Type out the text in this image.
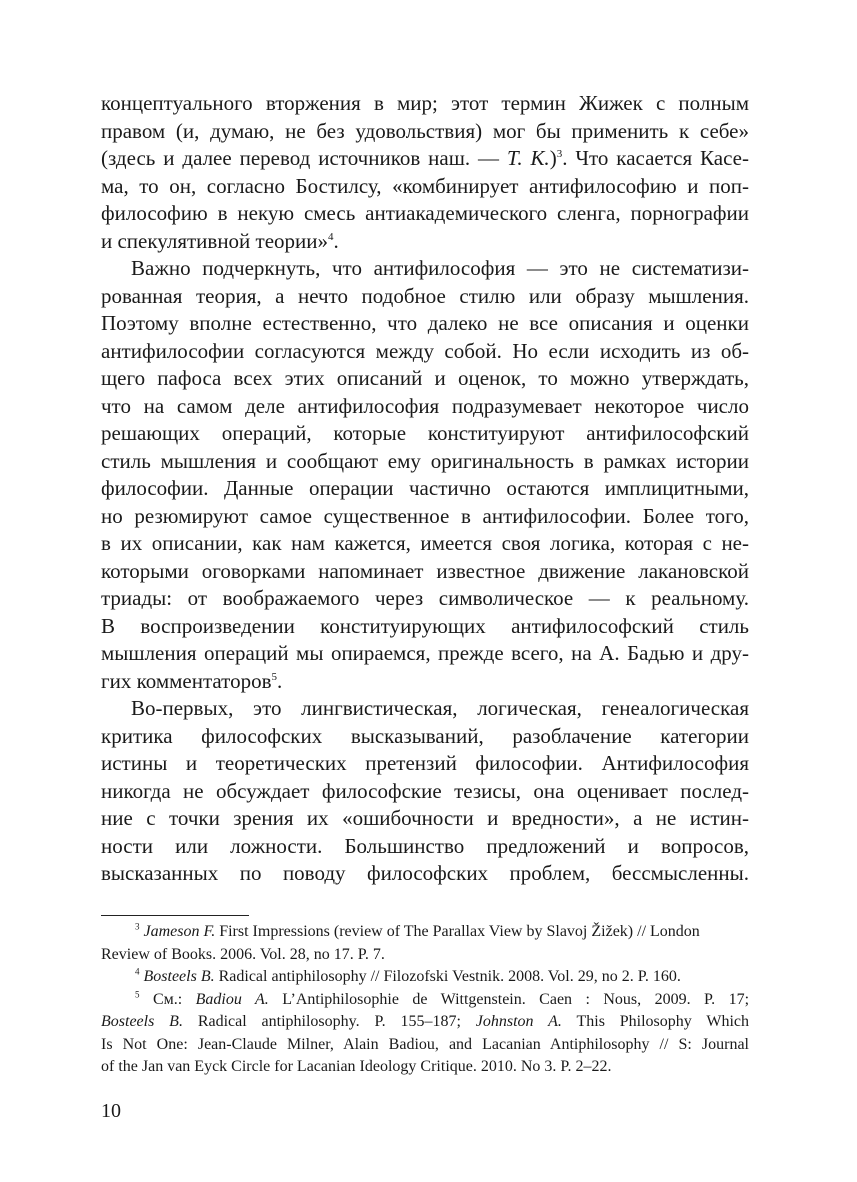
концептуального вторжения в мир; этот термин Жижек с полным
правом (и, думаю, не без удовольствия) мог бы применить к себе»
(здесь и далее перевод источников наш. — Т. К.)$^3$. Что касается Касе-
ма, то он, согласно Бостилсу, «комбинирует антифилософию и поп-
философию в некую смесь антиакадемического сленга, порнографии
и спекулятивной теории»$^4$.
Важно подчеркнуть, что антифилософия — это не систематизи-
рованная теория, а нечто подобное стилю или образу мышления.
Поэтому вполне естественно, что далеко не все описания и оценки
антифилософии согласуются между собой. Но если исходить из об-
щего пафоса всех этих описаний и оценок, то можно утверждать,
что на самом деле антифилософия подразумевает некоторое число
решающих операций, которые конституируют антифилософский
стиль мышления и сообщают ему оригинальность в рамках истории
философии. Данные операции частично остаются имплицитными,
но резюмируют самое существенное в антифилософии. Более того,
в их описании, как нам кажется, имеется своя логика, которая с не-
которыми оговорками напоминает известное движение лакановской
триады: от воображаемого через символическое — к реальному.
В воспроизведении конституирующих антифилософский стиль
мышления операций мы опираемся, прежде всего, на А. Бадью и дру-
гих комментаторов$^5$.
Во-первых, это лингвистическая, логическая, генеалогическая
критика философских высказываний, разоблачение категории
истины и теоретических претензий философии. Антифилософия
никогда не обсуждает философские тезисы, она оценивает послед-
ние с точки зрения их «ошибочности и вредности», а не истин-
ности или ложности. Большинство предложений и вопросов,
высказанных по поводу философских проблем, бессмысленны.
$^3$ Jameson F. First Impressions (review of The Parallax View by Slavoj Žižek) // London
Review of Books. 2006. Vol. 28, no 17. P. 7.
$^4$ Bosteels B. Radical antiphilosophy // Filozofski Vestnik. 2008. Vol. 29, no 2. P. 160.
$^5$ См.: Badiou A. L’Antiphilosophie de Wittgenstein. Caen : Nous, 2009. P. 17;
Bosteels B. Radical antiphilosophy. P. 155–187; Johnston A. This Philosophy Which
Is Not One: Jean-Claude Milner, Alain Badiou, and Lacanian Antiphilosophy // S: Journal
of the Jan van Eyck Circle for Lacanian Ideology Critique. 2010. No 3. P. 2–22.
10
